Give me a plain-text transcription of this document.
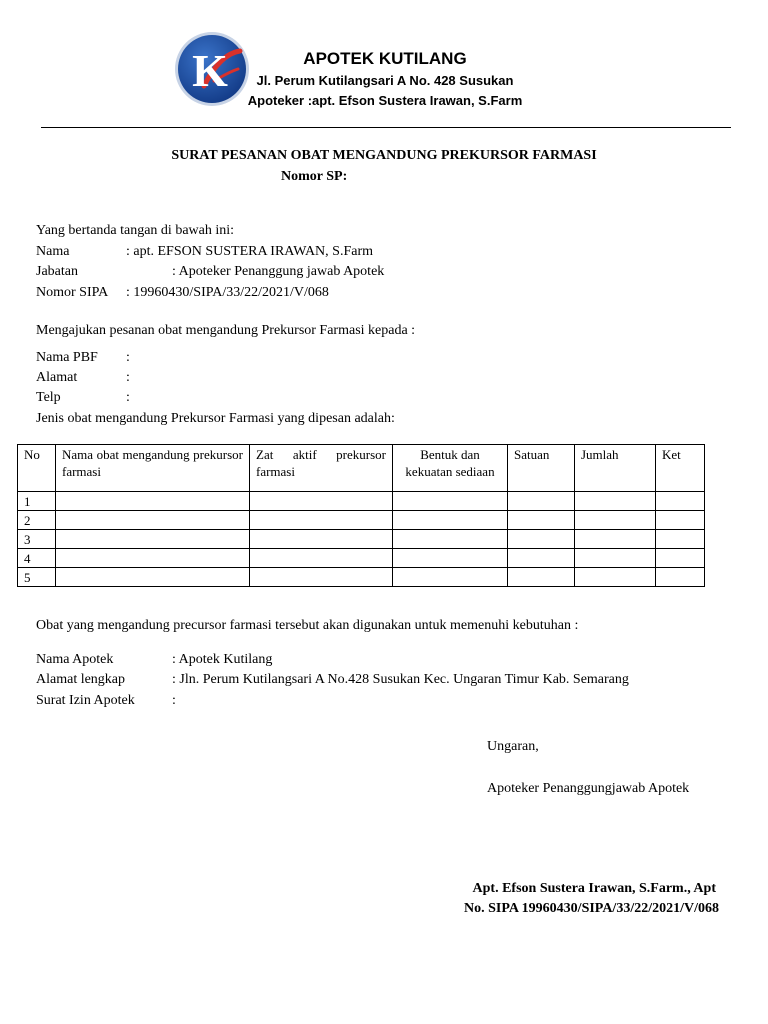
K	APOTEK KUTILANG
Jl. Perum Kutilangsari A No. 428 Susukan
Apoteker :apt. Efson Sustera Irawan, S.Farm
SURAT PESANAN OBAT MENGANDUNG PREKURSOR FARMASI
Nomor SP:
Yang bertanda tangan di bawah ini:
Nama	: apt. EFSON SUSTERA IRAWAN, S.Farm
Jabatan	: Apoteker Penanggung jawab Apotek
Nomor SIPA : 19960430/SIPA/33/22/2021/V/068
Mengajukan pesanan obat mengandung Prekursor Farmasi kepada :
Nama PBF :
Alamat	:
Telp	:
Jenis obat mengandung Prekursor Farmasi yang dipesan adalah:
No	Nama obat mengandung prekursor farmasi	Zat aktif prekursor farmasi	Bentuk dan kekuatan sediaan	Satuan	Jumlah	Ket
1						
2						
3						
4						
5						
Obat yang mengandung precursor farmasi tersebut akan digunakan untuk memenuhi kebutuhan :
Nama Apotek	: Apotek Kutilang
Alamat lengkap	: Jln. Perum Kutilangsari A No.428 Susukan Kec. Ungaran Timur Kab. Semarang
Surat Izin Apotek	:
Ungaran,
Apoteker Penanggungjawab Apotek
Apt. Efson Sustera Irawan, S.Farm., Apt
No. SIPA 19960430/SIPA/33/22/2021/V/068
